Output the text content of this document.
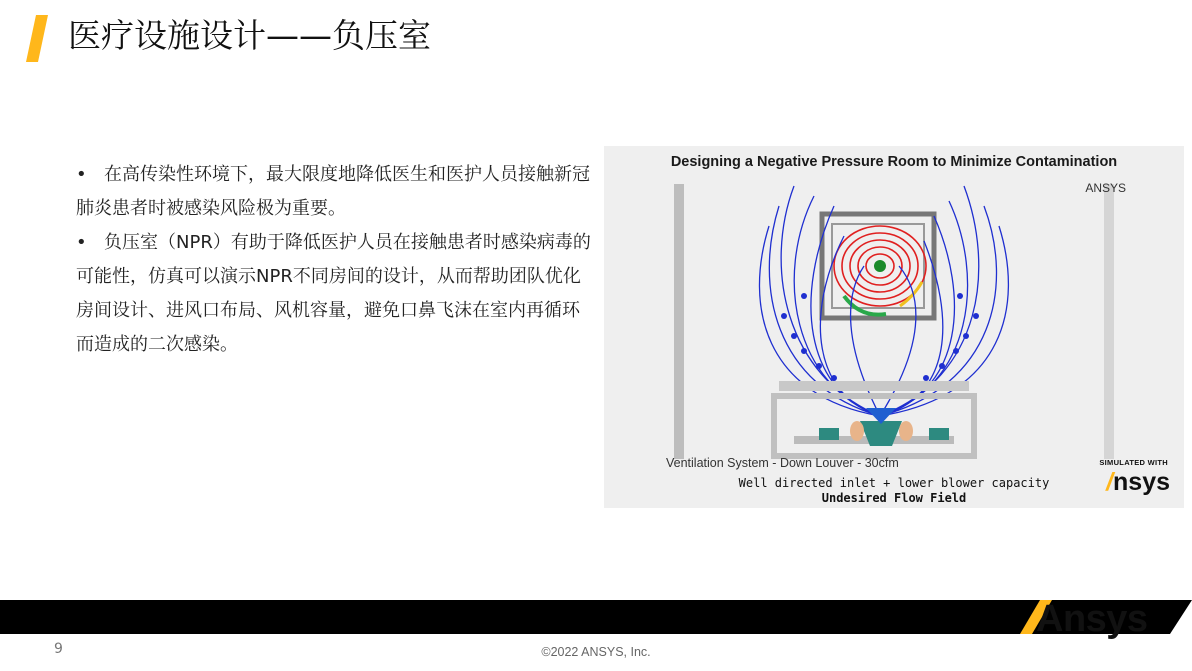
医疗设施设计——负压室
• 在高传染性环境下，最大限度地降低医生和医护人员接触新冠肺炎患者时被感染风险极为重要。
• 负压室（NPR）有助于降低医护人员在接触患者时感染病毒的可能性，仿真可以演示NPR不同房间的设计，从而帮助团队优化房间设计、进风口布局、风机容量，避免口鼻飞沫在室内再循环而造成的二次感染。
Designing a Negative Pressure Room to Minimize Contamination
ANSYS
Ventilation System - Down Louver - 30cfm
Well directed inlet + lower blower capacity
Undesired Flow Field
SIMULATED WITH
/nsys
Ansys
9	©2022 ANSYS, Inc.
